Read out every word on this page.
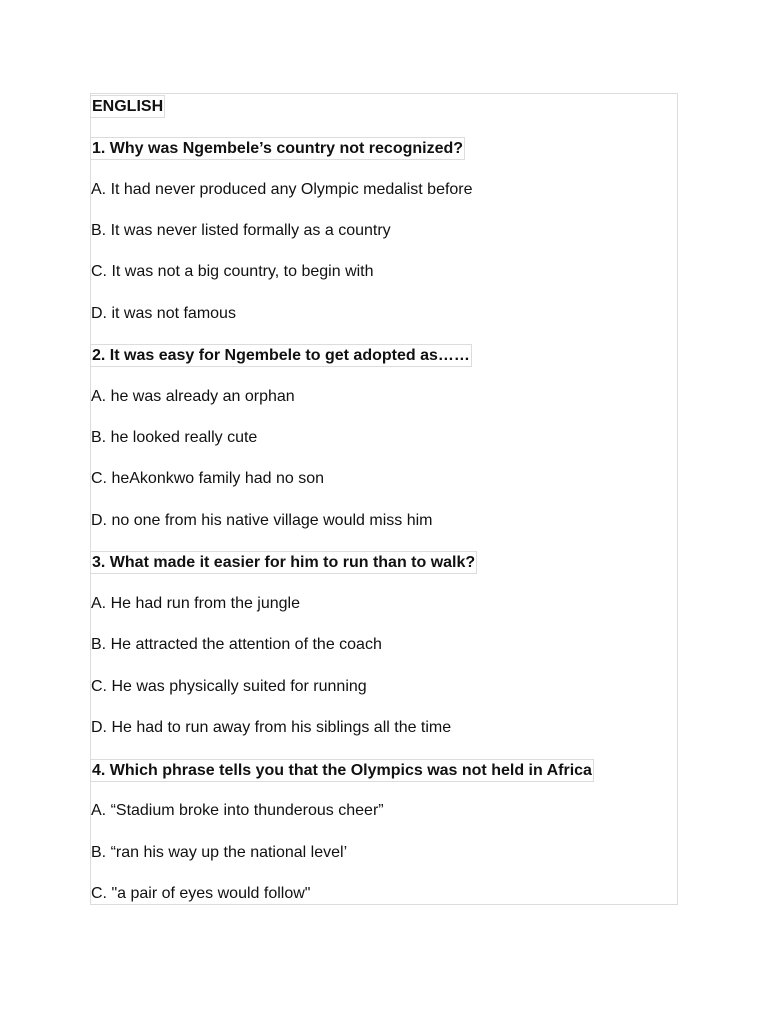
ENGLISH
1. Why was Ngembele’s country not recognized?
A. It had never produced any Olympic medalist before
B. It was never listed formally as a country
C. It was not a big country, to begin with
D. it was not famous
2. It was easy for Ngembele to get adopted as……
A. he was already an orphan
B. he looked really cute
C. heAkonkwo family had no son
D. no one from his native village would miss him
3. What made it easier for him to run than to walk?
A. He had run from the jungle
B. He attracted the attention of the coach
C. He was physically suited for running
D. He had to run away from his siblings all the time
4. Which phrase tells you that the Olympics was not held in Africa
A. “Stadium broke into thunderous cheer”
B. “ran his way up the national level’
C. "a pair of eyes would follow"
